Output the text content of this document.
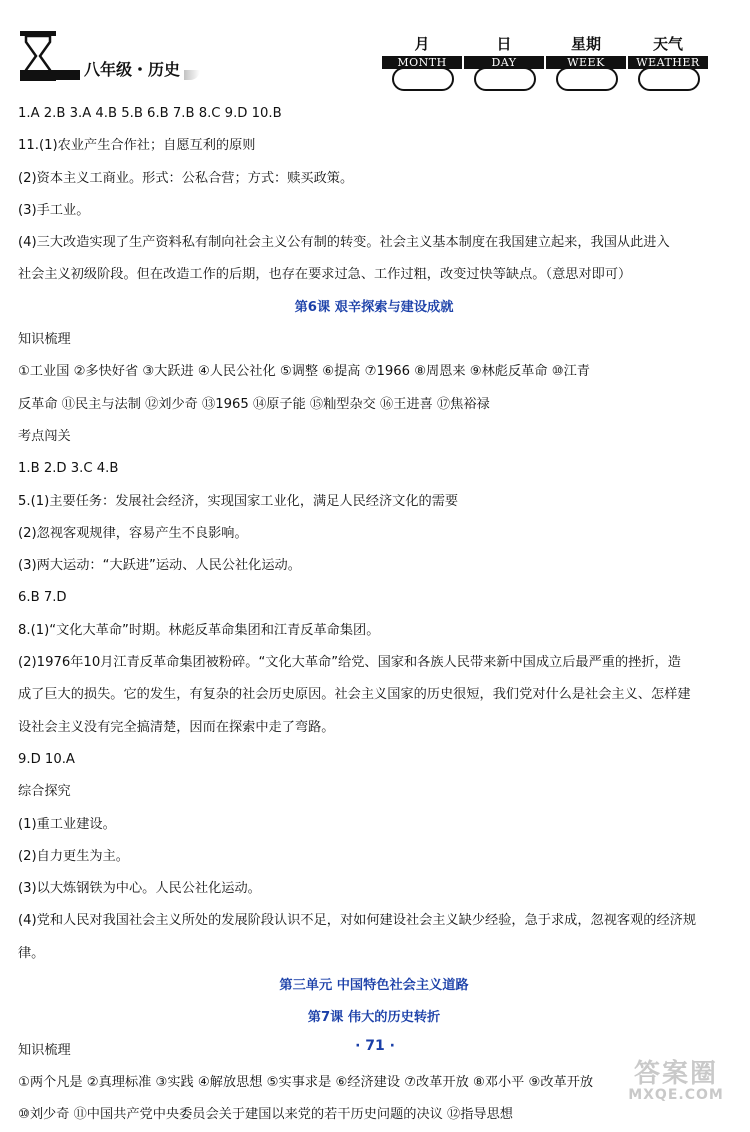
八年级・历史
月
MONTH
日
DAY
星期
WEEK
天气
WEATHER
1.A 2.B 3.A 4.B 5.B 6.B 7.B 8.C 9.D 10.B
11.(1)农业产生合作社；自愿互利的原则
(2)资本主义工商业。形式：公私合营；方式：赎买政策。
(3)手工业。
(4)三大改造实现了生产资料私有制向社会主义公有制的转变。社会主义基本制度在我国建立起来，我国从此进入
社会主义初级阶段。但在改造工作的后期，也存在要求过急、工作过粗，改变过快等缺点。（意思对即可）
第6课 艰辛探索与建设成就
知识梳理
①工业国 ②多快好省 ③大跃进 ④人民公社化 ⑤调整 ⑥提高 ⑦1966 ⑧周恩来 ⑨林彪反革命 ⑩江青
反革命 ⑪民主与法制 ⑫刘少奇 ⑬1965 ⑭原子能 ⑮籼型杂交 ⑯王进喜 ⑰焦裕禄
考点闯关
1.B 2.D 3.C 4.B
5.(1)主要任务：发展社会经济，实现国家工业化，满足人民经济文化的需要
(2)忽视客观规律，容易产生不良影响。
(3)两大运动：“大跃进”运动、人民公社化运动。
6.B 7.D
8.(1)“文化大革命”时期。林彪反革命集团和江青反革命集团。
(2)1976年10月江青反革命集团被粉碎。“文化大革命”给党、国家和各族人民带来新中国成立后最严重的挫折，造
成了巨大的损失。它的发生，有复杂的社会历史原因。社会主义国家的历史很短，我们党对什么是社会主义、怎样建
设社会主义没有完全搞清楚，因而在探索中走了弯路。
9.D 10.A
综合探究
(1)重工业建设。
(2)自力更生为主。
(3)以大炼钢铁为中心。人民公社化运动。
(4)党和人民对我国社会主义所处的发展阶段认识不足，对如何建设社会主义缺少经验，急于求成，忽视客观的经济规
律。
第三单元 中国特色社会主义道路
第7课 伟大的历史转折
知识梳理
①两个凡是 ②真理标准 ③实践 ④解放思想 ⑤实事求是 ⑥经济建设 ⑦改革开放 ⑧邓小平 ⑨改革开放
⑩刘少奇 ⑪中国共产党中央委员会关于建国以来党的若干历史问题的决议 ⑫指导思想
· 71 ·
答案圈
MXQE.COM
